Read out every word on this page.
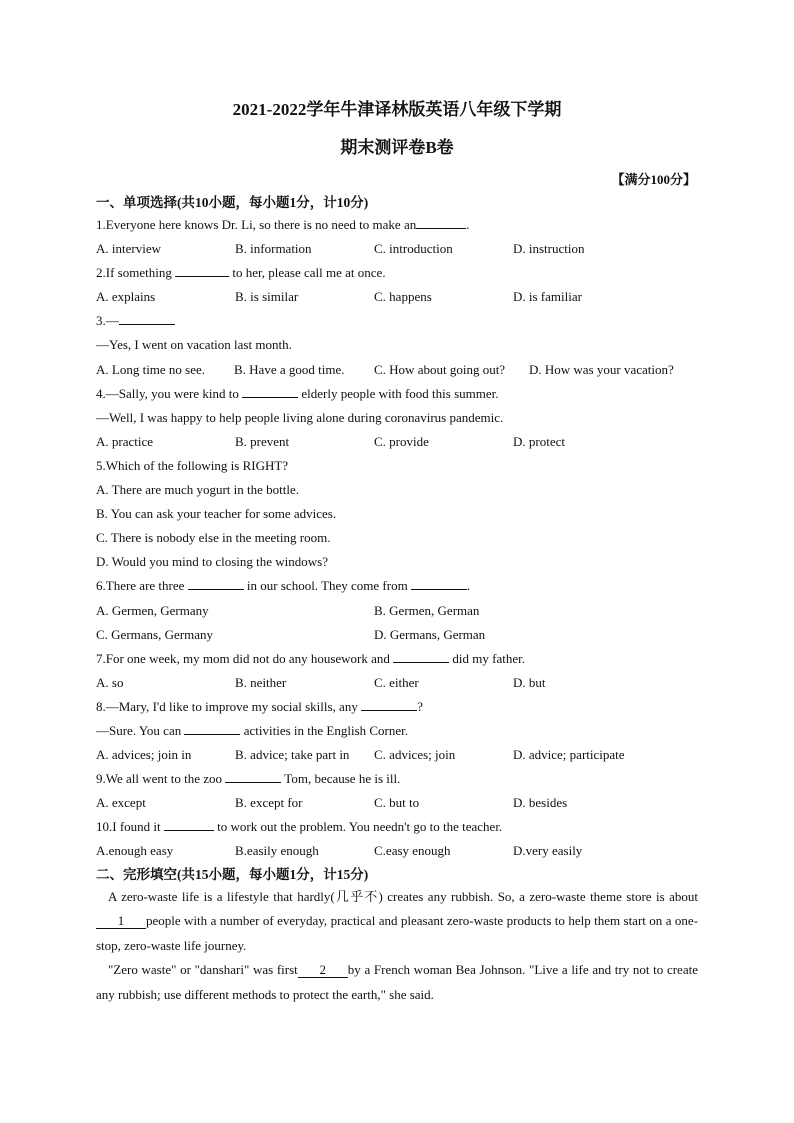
2021-2022学年牛津译林版英语八年级下学期
期末测评卷B卷
【满分100分】
一、单项选择(共10小题，每小题1分，计10分)
1.Everyone here knows Dr. Li, so there is no need to make an	.
A. interview	B. information	C. introduction	D. instruction
2.If something	to her, please call me at once.
A. explains	B. is similar	C. happens	D. is familiar
3.—
—Yes, I went on vacation last month.
A. Long time no see.	B. Have a good time.	C. How about going out?	D. How was your vacation?
4.—Sally, you were kind to	elderly people with food this summer.
—Well, I was happy to help people living alone during coronavirus pandemic.
A. practice	B. prevent	C. provide	D. protect
5.Which of the following is RIGHT?
A. There are much yogurt in the bottle.
B. You can ask your teacher for some advices.
C. There is nobody else in the meeting room.
D. Would you mind to closing the windows?
6.There are three	in our school. They come from	.
A. Germen, Germany	B. Germen, German
C. Germans, Germany	D. Germans, German
7.For one week, my mom did not do any housework and	did my father.
A. so	B. neither	C. either	D. but
8.—Mary, I'd like to improve my social skills, any	?
—Sure. You can	activities in the English Corner.
A. advices; join in	B. advice; take part in	C. advices; join	D. advice; participate
9.We all went to the zoo	Tom, because he is ill.
A. except	B. except for	C. but to	D. besides
10.I found it	to work out the problem. You needn't go to the teacher.
A.enough easy	B.easily enough	C.easy enough	D.very easily
二、完形填空(共15小题，每小题1分，计15分)
A zero-waste life is a lifestyle that hardly(几乎不) creates any rubbish. So, a zero-waste theme store is about1 people with a number of everyday, practical and pleasant zero-waste products to help them start on a one-stop, zero-waste life journey.
"Zero waste" or "danshari" was first 2 by a French woman Bea Johnson. "Live a life and try not to create any rubbish; use different methods to protect the earth," she said.
